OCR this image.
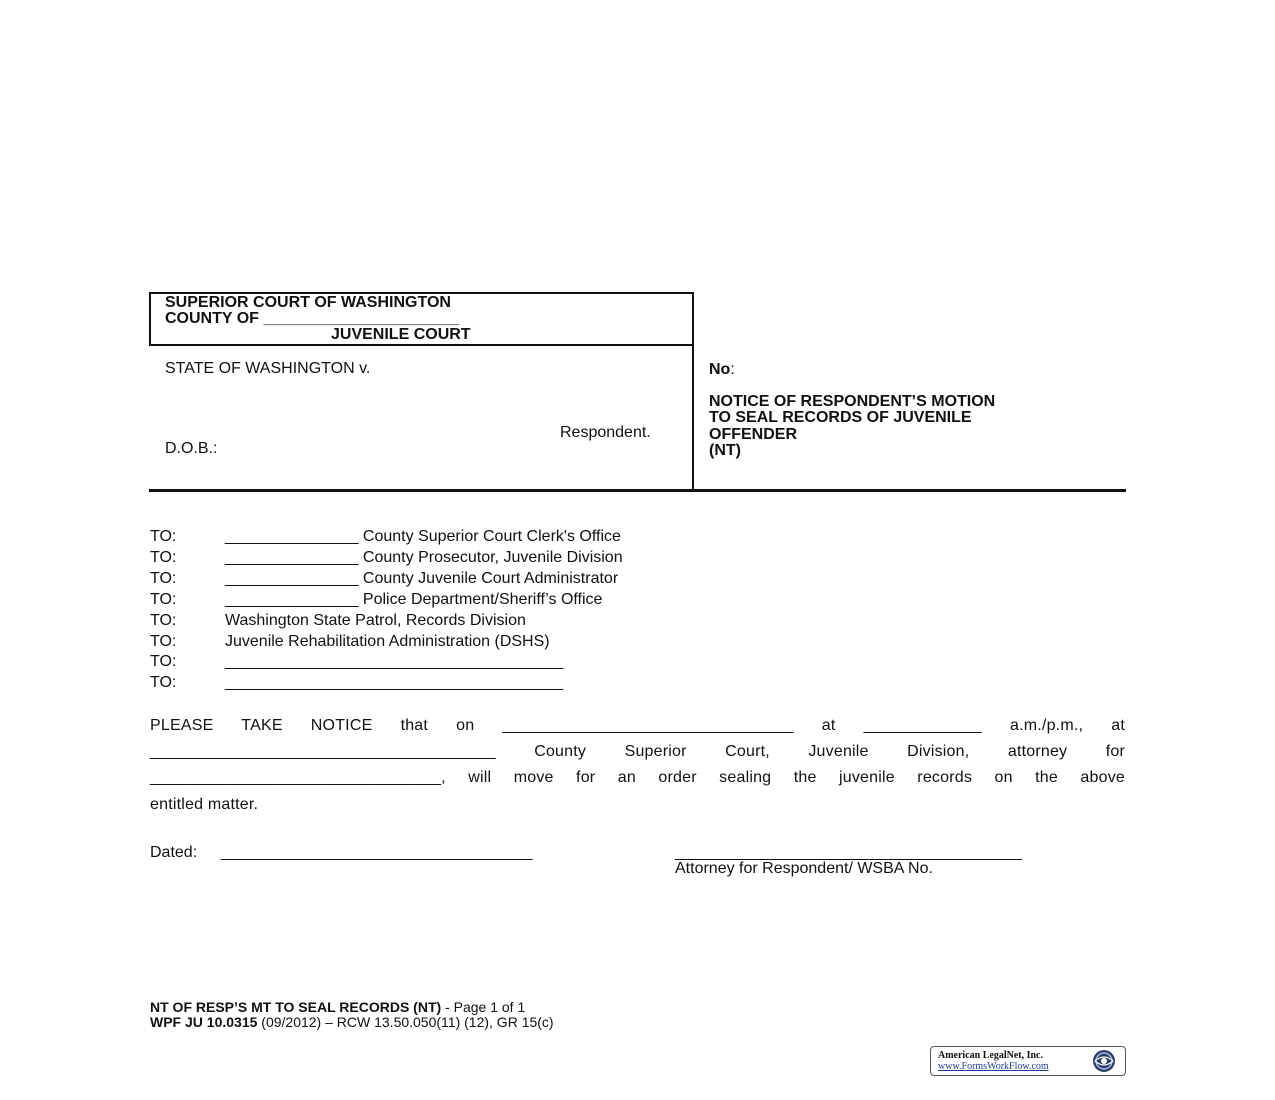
SUPERIOR COURT OF WASHINGTON
COUNTY OF ______________________
JUVENILE COURT
STATE OF WASHINGTON v.
Respondent.
D.O.B.:
No:
NOTICE OF RESPONDENT’S MOTION
TO SEAL RECORDS OF JUVENILE
OFFENDER
(NT)
TO:	_______________ County Superior Court Clerk's Office
TO:	_______________ County Prosecutor, Juvenile Division
TO:	_______________ County Juvenile Court Administrator
TO:	_______________ Police Department/Sheriff’s Office
TO:	Washington State Patrol, Records Division
TO:	Juvenile Rehabilitation Administration (DSHS)
TO:	______________________________________
TO:	______________________________________
PLEASE TAKE NOTICE that on ________________________________ at _____________ a.m./p.m., at
______________________________________ County Superior Court, Juvenile Division, attorney for
________________________________, will move for an order sealing the juvenile records on the above
entitled matter.
Dated: ___________________________________	_______________________________________
Attorney for Respondent/ WSBA No.
NT OF RESP’S MT TO SEAL RECORDS (NT) - Page 1 of 1
WPF JU 10.0315 (09/2012) – RCW 13.50.050(11) (12), GR 15(c)
American LegalNet, Inc.
www.FormsWorkFlow.com
